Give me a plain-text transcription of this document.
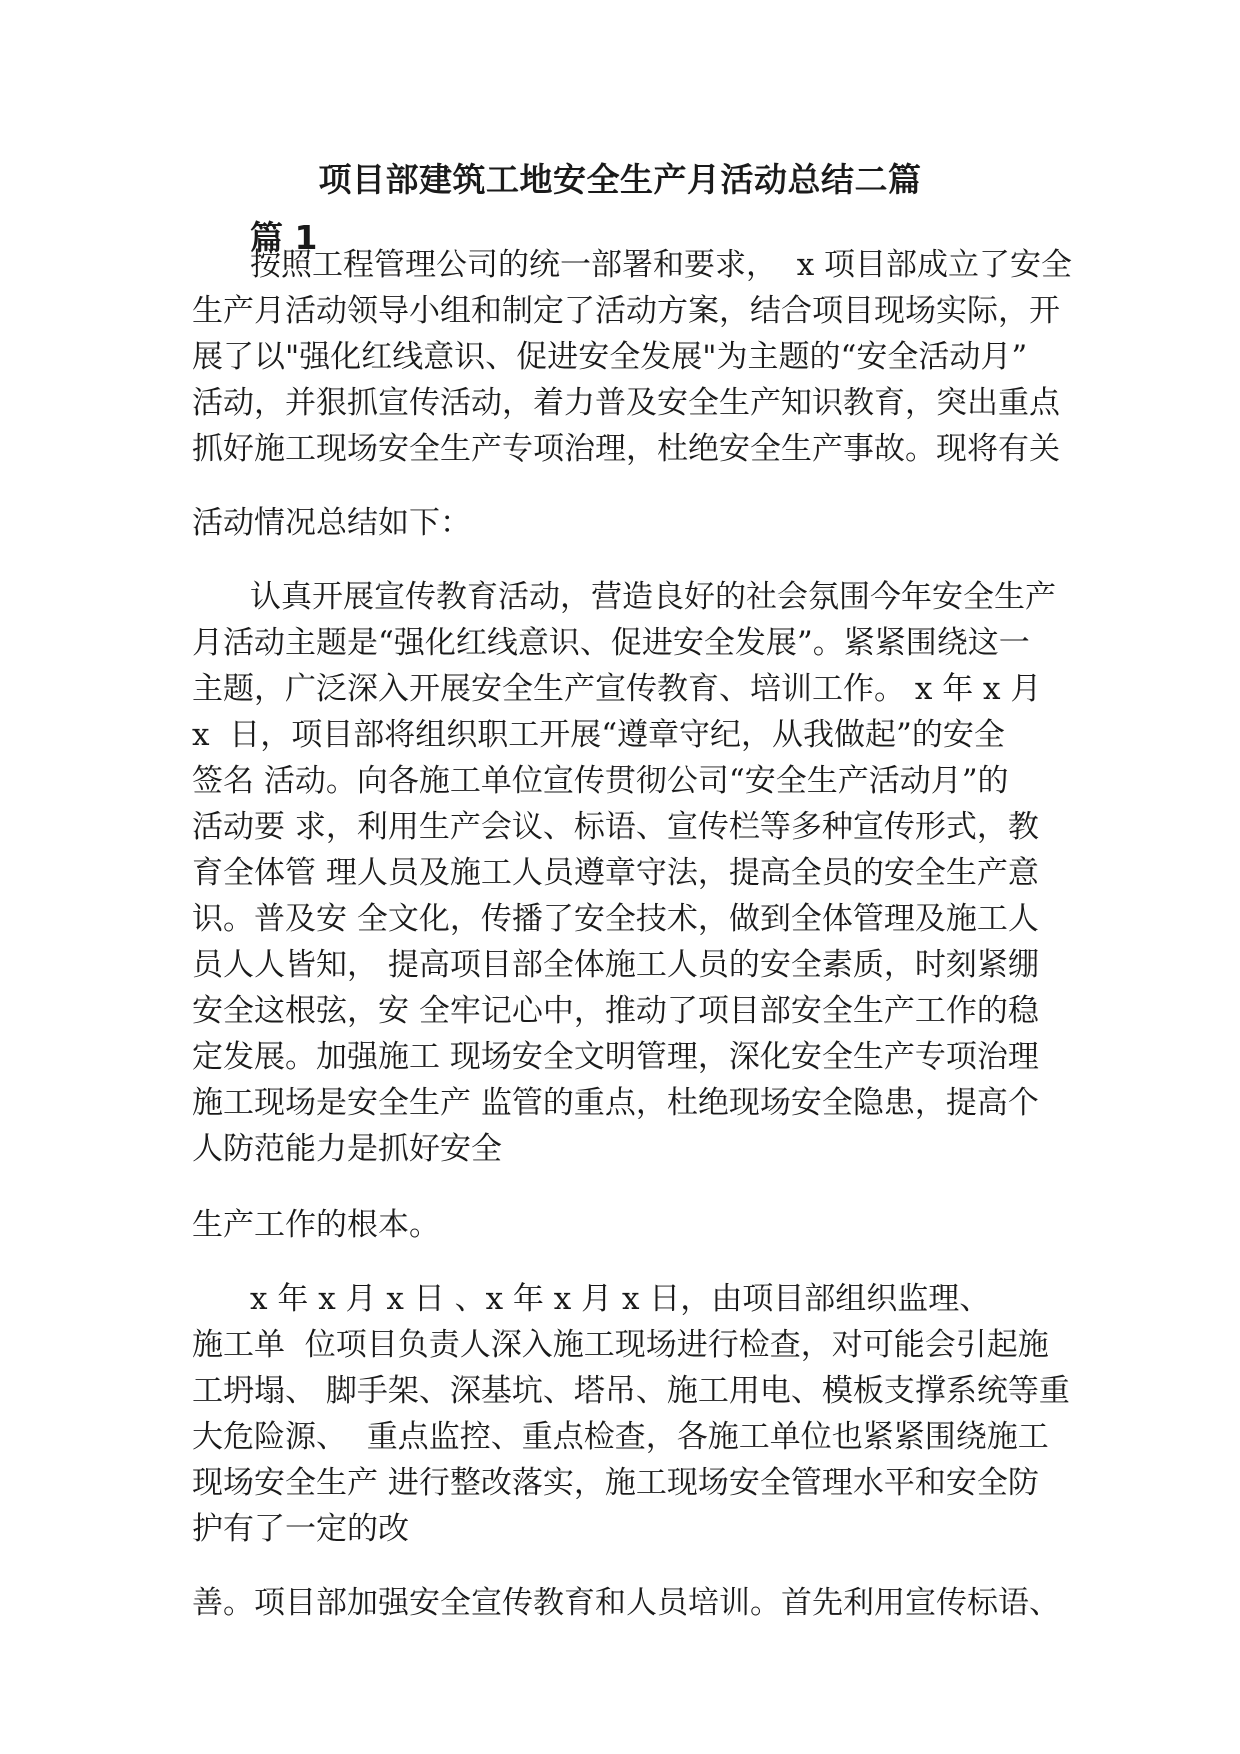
项目部建筑工地安全生产月活动总结二篇
篇 1
按照工程管理公司的统一部署和要求，  x 项目部成立了安全
生产月活动领导小组和制定了活动方案，结合项目现场实际，开
展了以"强化红线意识、促进安全发展"为主题的“安全活动月”
活动，并狠抓宣传活动，着力普及安全生产知识教育，突出重点
抓好施工现场安全生产专项治理，杜绝安全生产事故。现将有关
活动情况总结如下：
认真开展宣传教育活动，营造良好的社会氛围今年安全生产
月活动主题是“强化红线意识、促进安全发展”。紧紧围绕这一
主题，广泛深入开展安全生产宣传教育、培训工作。 x 年 x 月
x  日，项目部将组织职工开展“遵章守纪，从我做起”的安全
签名 活动。向各施工单位宣传贯彻公司“安全生产活动月”的
活动要 求，利用生产会议、标语、宣传栏等多种宣传形式，教
育全体管 理人员及施工人员遵章守法，提高全员的安全生产意
识。普及安 全文化，传播了安全技术，做到全体管理及施工人
员人人皆知， 提高项目部全体施工人员的安全素质，时刻紧绷
安全这根弦，安 全牢记心中，推动了项目部安全生产工作的稳
定发展。加强施工 现场安全文明管理，深化安全生产专项治理
施工现场是安全生产 监管的重点，杜绝现场安全隐患，提高个
人防范能力是抓好安全
生产工作的根本。
x 年 x 月 x 日 、x 年 x 月 x 日，由项目部组织监理、
施工单  位项目负责人深入施工现场进行检查，对可能会引起施
工坍塌、 脚手架、深基坑、塔吊、施工用电、模板支撑系统等重
大危险源、  重点监控、重点检查，各施工单位也紧紧围绕施工
现场安全生产 进行整改落实，施工现场安全管理水平和安全防
护有了一定的改
善。项目部加强安全宣传教育和人员培训。首先利用宣传标语、
